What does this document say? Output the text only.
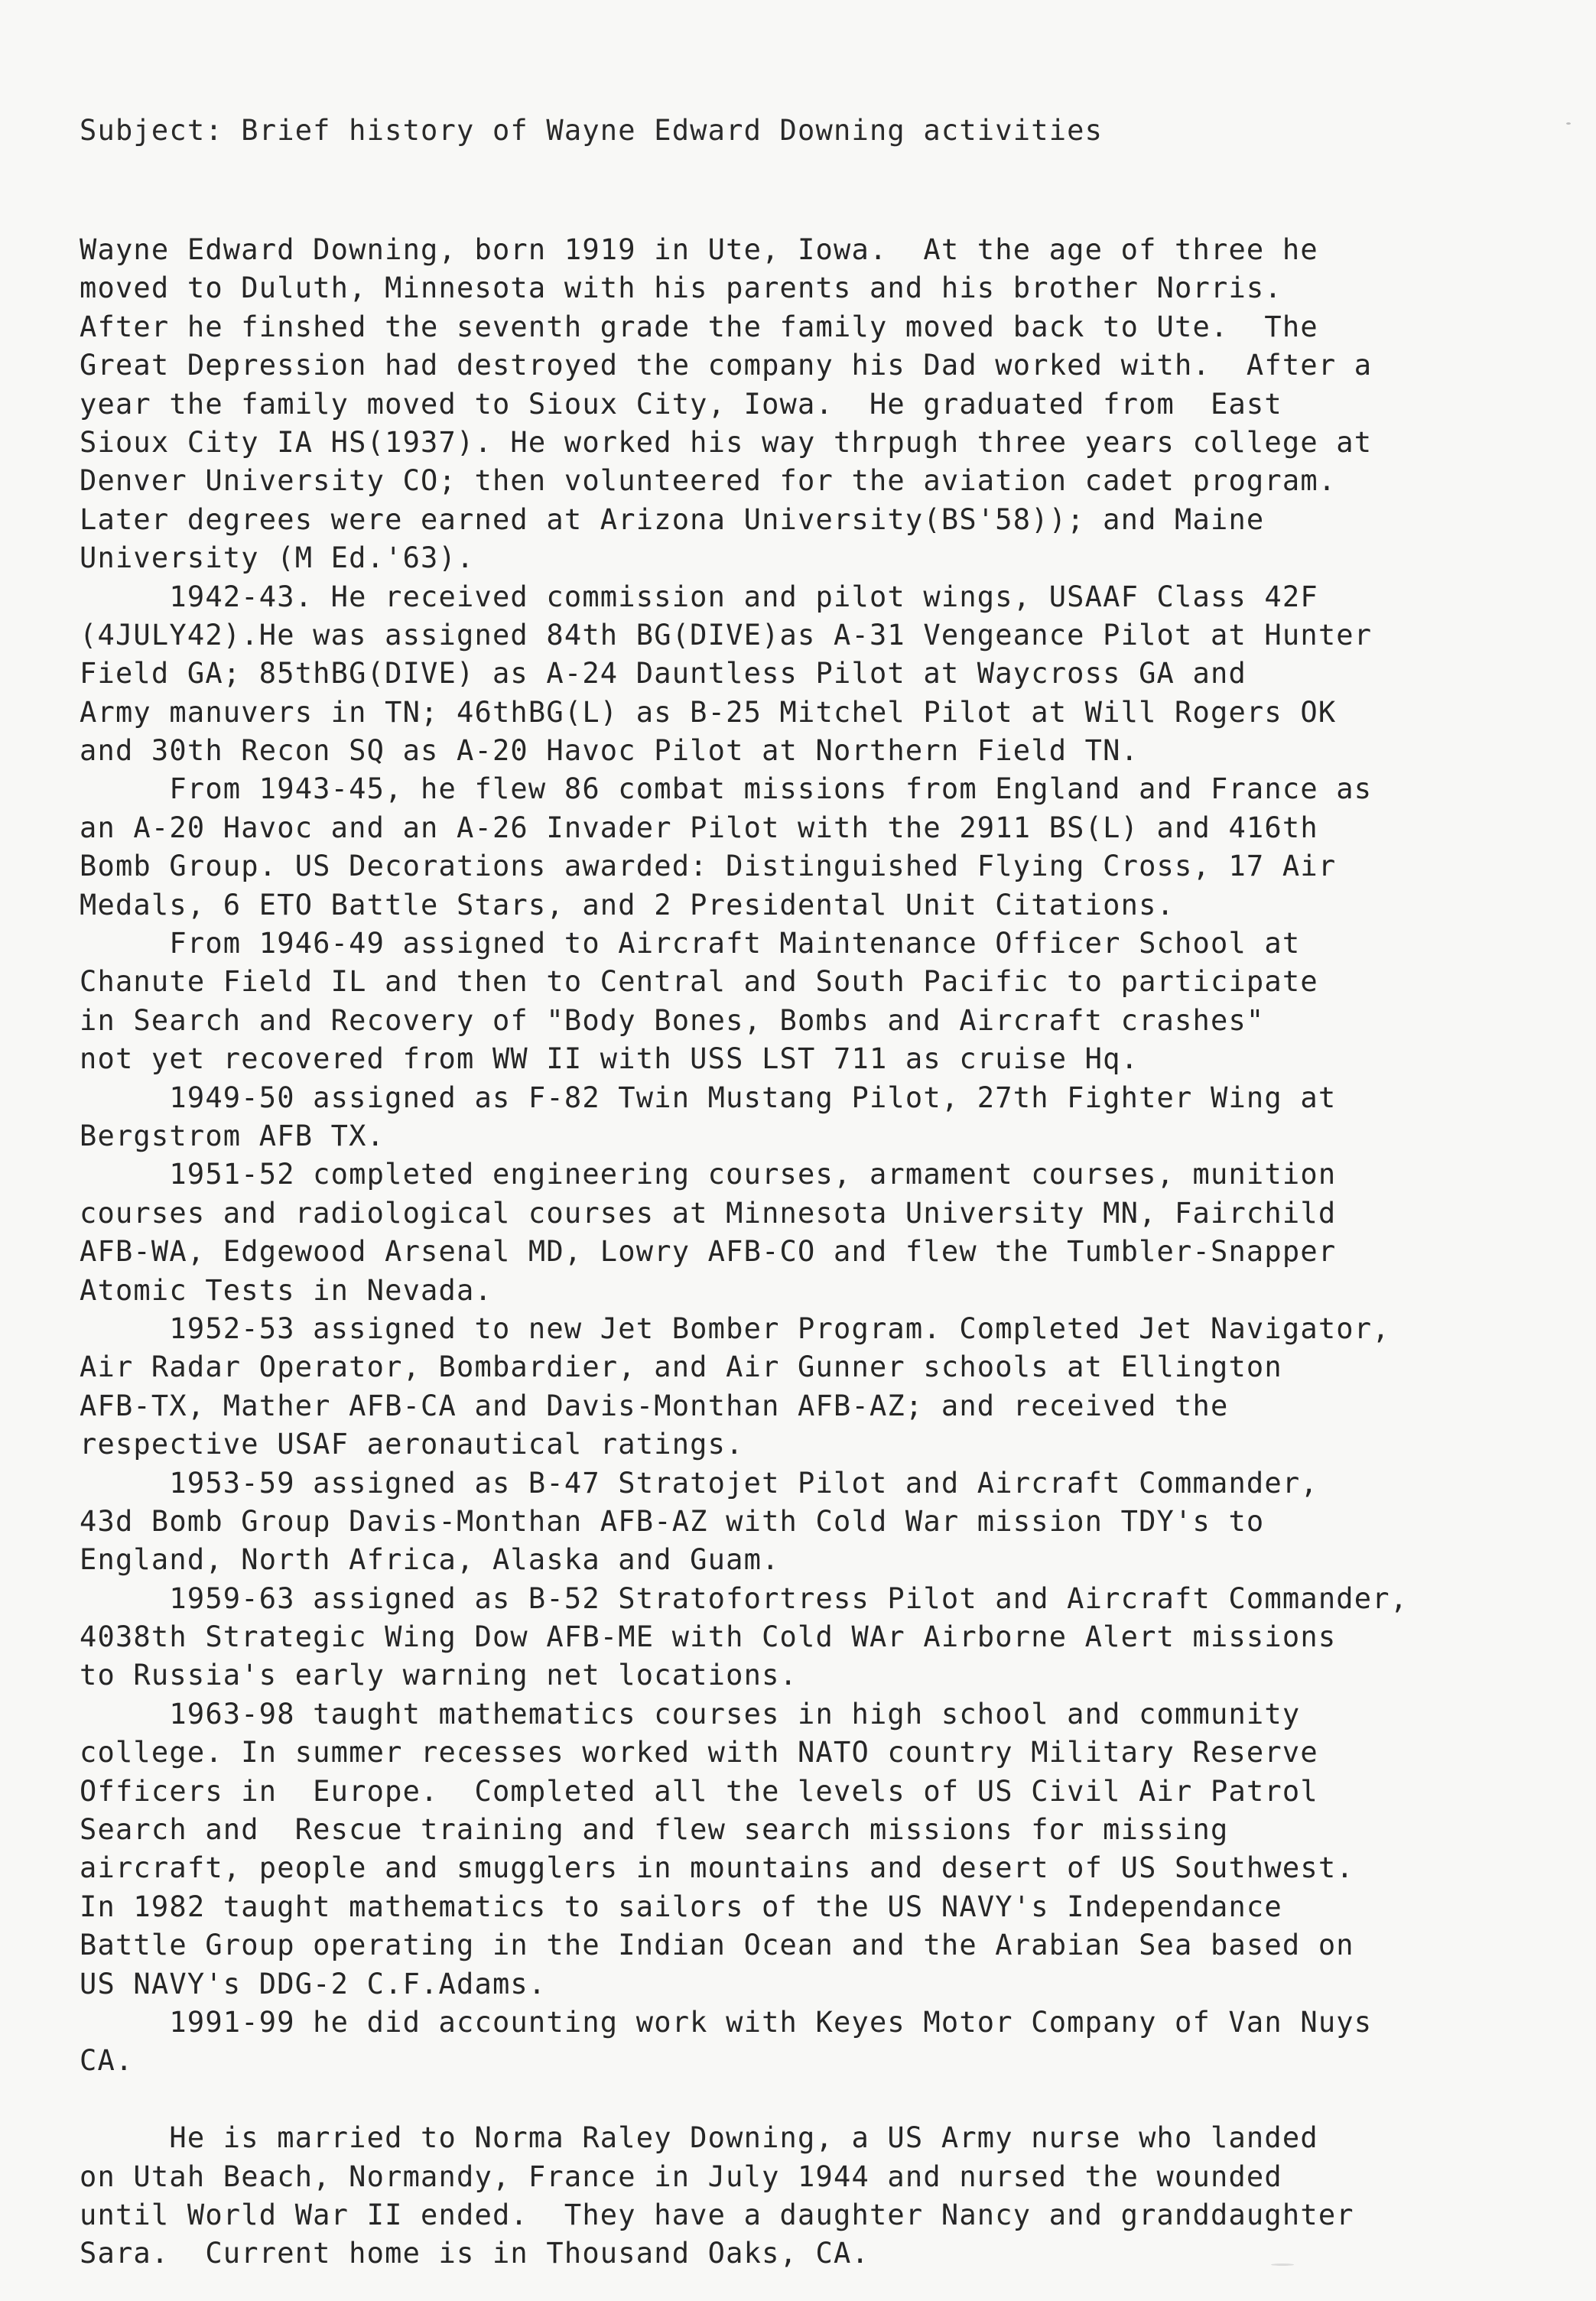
Subject: Brief history of Wayne Edward Downing activities
Wayne Edward Downing, born 1919 in Ute, Iowa.  At the age of three he
moved to Duluth, Minnesota with his parents and his brother Norris.
After he finshed the seventh grade the family moved back to Ute.  The
Great Depression had destroyed the company his Dad worked with.  After a
year the family moved to Sioux City, Iowa.  He graduated from  East
Sioux City IA HS(1937). He worked his way thrpugh three years college at
Denver University CO; then volunteered for the aviation cadet program.
Later degrees were earned at Arizona University(BS'58)); and Maine
University (M Ed.'63).
1942-43. He received commission and pilot wings, USAAF Class 42F
(4JULY42).He was assigned 84th BG(DIVE)as A-31 Vengeance Pilot at Hunter
Field GA; 85thBG(DIVE) as A-24 Dauntless Pilot at Waycross GA and
Army manuvers in TN; 46thBG(L) as B-25 Mitchel Pilot at Will Rogers OK
and 30th Recon SQ as A-20 Havoc Pilot at Northern Field TN.
From 1943-45, he flew 86 combat missions from England and France as
an A-20 Havoc and an A-26 Invader Pilot with the 2911 BS(L) and 416th
Bomb Group. US Decorations awarded: Distinguished Flying Cross, 17 Air
Medals, 6 ETO Battle Stars, and 2 Presidental Unit Citations.
From 1946-49 assigned to Aircraft Maintenance Officer School at
Chanute Field IL and then to Central and South Pacific to participate
in Search and Recovery of "Body Bones, Bombs and Aircraft crashes"
not yet recovered from WW II with USS LST 711 as cruise Hq.
1949-50 assigned as F-82 Twin Mustang Pilot, 27th Fighter Wing at
Bergstrom AFB TX.
1951-52 completed engineering courses, armament courses, munition
courses and radiological courses at Minnesota University MN, Fairchild
AFB-WA, Edgewood Arsenal MD, Lowry AFB-CO and flew the Tumbler-Snapper
Atomic Tests in Nevada.
1952-53 assigned to new Jet Bomber Program. Completed Jet Navigator,
Air Radar Operator, Bombardier, and Air Gunner schools at Ellington
AFB-TX, Mather AFB-CA and Davis-Monthan AFB-AZ; and received the
respective USAF aeronautical ratings.
1953-59 assigned as B-47 Stratojet Pilot and Aircraft Commander,
43d Bomb Group Davis-Monthan AFB-AZ with Cold War mission TDY's to
England, North Africa, Alaska and Guam.
1959-63 assigned as B-52 Stratofortress Pilot and Aircraft Commander,
4038th Strategic Wing Dow AFB-ME with Cold WAr Airborne Alert missions
to Russia's early warning net locations.
1963-98 taught mathematics courses in high school and community
college. In summer recesses worked with NATO country Military Reserve
Officers in  Europe.  Completed all the levels of US Civil Air Patrol
Search and  Rescue training and flew search missions for missing
aircraft, people and smugglers in mountains and desert of US Southwest.
In 1982 taught mathematics to sailors of the US NAVY's Independance
Battle Group operating in the Indian Ocean and the Arabian Sea based on
US NAVY's DDG-2 C.F.Adams.
1991-99 he did accounting work with Keyes Motor Company of Van Nuys
CA.
He is married to Norma Raley Downing, a US Army nurse who landed
on Utah Beach, Normandy, France in July 1944 and nursed the wounded
until World War II ended.  They have a daughter Nancy and granddaughter
Sara.  Current home is in Thousand Oaks, CA.
